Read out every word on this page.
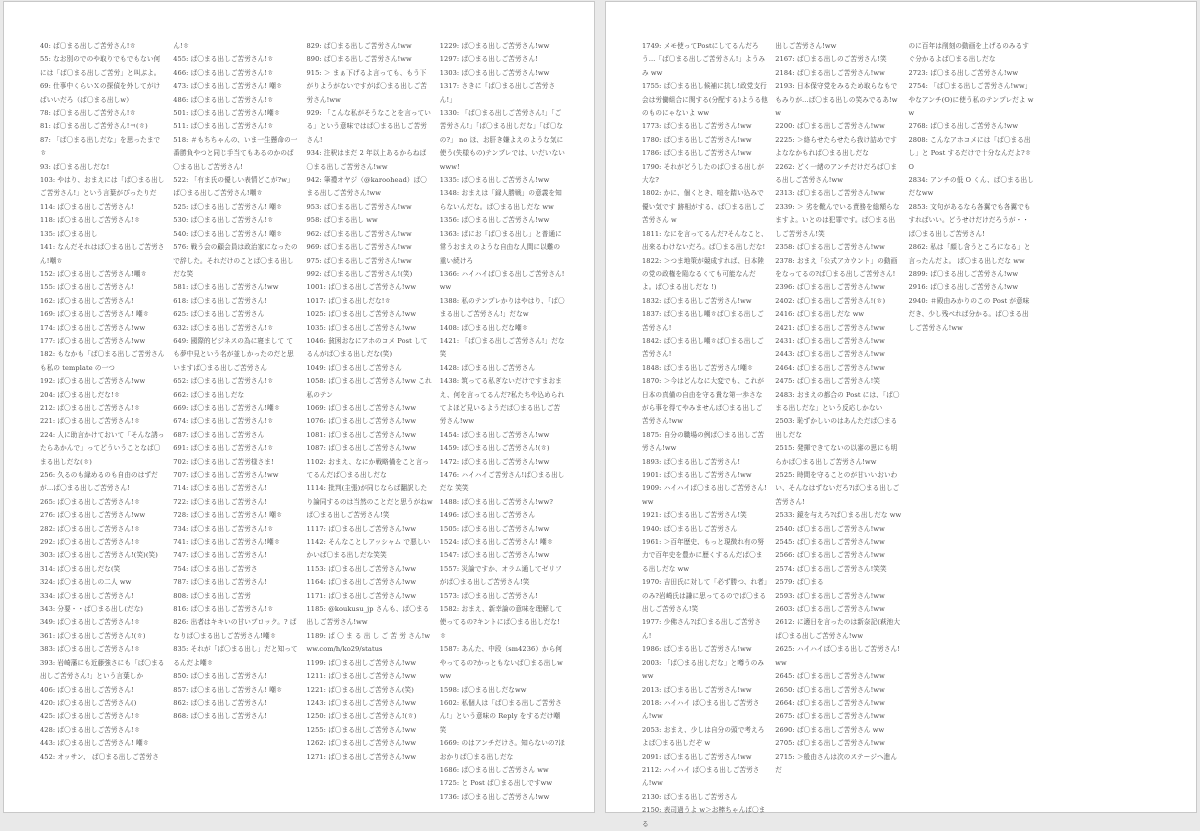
40: ぱ〇まる出しご苦労さん!ㅎ
55: なお別のでのや取りでもでもない何には「ぱ〇まる出しご苦労」と叫ぶよ。
69: 仕事中くらいＸの探偵を外してがけばいいだろ（ぱ〇まる出しw）
78: ぱ〇まる出しご苦労さん!ㅎ
81: ぱ〇まる出しご苦労さん!ㅋ(ㅎ)
87: 「ぱ〇まる出しだな」を思ったまでㅎ
93: ぱ〇まる出しだな!
103: やはり、おまえには「ぱ〇まる出しご苦労さん!」という言葉がぴったりだ
114: ぱ〇まる出しご苦労さん!
118: ぱ〇まる出しご苦労さん!ㅎ
135: ぱ〇まる出し
141: なんだそれはぱ〇まる出しご苦労さん!嘲ㅎ
152: ぱ〇まる出しご苦労さん!嘲ㅎ
155: ぱ〇まる出しご苦労さん!
162: ぱ〇まる出しご苦労さん!
169: ぱ〇まる出しご苦労さん! 嘲ㅎ
174: ぱ〇まる出しご苦労さん!ww
177: ぱ〇まる出しご苦労さん!ww
182: もなかも「ぱ〇まる出しご苦労さんも私の template の一つ
192: ぱ〇まる出しご苦労さん!ww
204: ぱ〇まる出しだな!ㅎ
212: ぱ〇まる出しご苦労さん!ㅎ
221: ぱ〇まる出しご苦労さん!ㅎ
224: 人に助言かけておいて「そんな誘ったらあかんで」ってどういうことなぱ〇まる出しだな(ㅎ)
256: 久るのも縁めるのも自由のはずだが…ぱ〇まる出しご苦労さん!
265: ぱ〇まる出しご苦労さん!ㅎ
276: ぱ〇まる出しご苦労さん!ww
282: ぱ〇まる出しご苦労さん!ㅎ
292: ぱ〇まる出しご苦労さん!ㅎ
303: ぱ〇まる出しご苦労さん!(笑)(笑)
314: ぱ〇まる出しだな(笑
324: ぱ〇まる出しの二人 ww
334: ぱ〇まる出しご苦労さん!
343: 分要・・ぱ〇まる出し(だな)
349: ぱ〇まる出しご苦労さん!ㅎ
361: ぱ〇まる出しご苦労さん!(ㅎ)
383: ぱ〇まる出しご苦労さん!ㅎ
393: 岩崎藩にも近藤強さにも「ぱ〇まる出しご苦労さん!」という言葉しか
406: ぱ〇まる出しご苦労さん!
420: ぱ〇まる出しご苦労さん()
425: ぱ〇まる出しご苦労さん!ㅎ
428: ぱ〇まる出しご苦労さん!ㅎ
443: ぱ〇まる出しご苦労さん! 嘲ㅎ
452: オッサン、 ぱ〇まる出しご苦労さ
ん!ㅎ
455: ぱ〇まる出しご苦労さん!ㅎ
466: ぱ〇まる出しご苦労さん!ㅎ
473: ぱ〇まる出しご苦労さん! 嘲ㅎ
486: ぱ〇まる出しご苦労さん!ㅎ
501: ぱ〇まる出しご苦労さん!嘲ㅎ
511: ぱ〇まる出しご苦労さん!ㅎ
518: ＃もちちゃんの、いま一生懸命の一番勝負やつと同じ手当てもあるのかのぱ〇まる出しご苦労さん!
522: 「有ま氏の優しい表情どこが?w」ぱ〇まる出しご苦労さん!嘲ㅎ
525: ぱ〇まる出しご苦労さん! 嘲ㅎ
530: ぱ〇まる出しご苦労さん!ㅎ
540: ぱ〇まる出しご苦労さん! 嘲ㅎ
576: 戦う会の顧会員は政治家になったので辞した。それだけのことぱ〇まる出しだな笑
581: ぱ〇まる出しご苦労さん!ww
618: ぱ〇まる出しご苦労さん!
625: ぱ〇まる出しご苦労さん
632: ぱ〇まる出しご苦労さん!ㅎ
649: 國際的ビジネスの為に寝まして ても夢中見という名が並しかったのだと思いますぱ〇まる出しご苦労さん
652: ぱ〇まる出しご苦労さん!ㅎ
662: ぱ〇まる出しだな
669: ぱ〇まる出しご苦労さん!嘲ㅎ
674: ぱ〇まる出しご苦労さん!ㅎ
687: ぱ〇まる出しご苦労さん
691: ぱ〇まる出しご苦労さん!ㅎ
702: ぱ〇まる出しご苦労様さま!
707: ぱ〇まる出しご苦労さん!ww
714: ぱ〇まる出しご苦労さん!
722: ぱ〇まる出しご苦労さん!
728: ぱ〇まる出しご苦労さん! 嘲ㅎ
734: ぱ〇まる出しご苦労さん!ㅎ
741: ぱ〇まる出しご苦労さん!嘲ㅎ
747: ぱ〇まる出しご苦労さん!
754: ぱ〇まる出しご苦労さ
787: ぱ〇まる出しご苦労さん!
808: ぱ〇まる出しご苦労
816: ぱ〇まる出しご苦労さん!ㅎ
826: 出者はキキいの甘いブロック。? ぱなりぱ〇まる出しご苦労さん!嘲ㅎ
835: それが「ぱ〇まる出し」だと知ってるんだよ嘲ㅎ
850: ぱ〇まる出しご苦労さん!
857: ぱ〇まる出しご苦労さん! 嘲ㅎ
862: ぱ〇まる出しご苦労さん!
868: ぱ〇まる出しご苦労さん!
829: ぱ〇まる出しご苦労さん!ww
890: ぱ〇まる出しご苦労さん!ww
915: ＞ まぁ下げるよ言っても、もう下がりようがないですがぱ〇まる出しご苦労さん!ww
929: 「こんな私がそうなことを言っている」という意味ではぱ〇まる出しご苦労さん!
934: 注釈はまだ 2 年以上あるからねぱ〇まる出しご苦労さん!ww
942: 筆禮オヤジ（@karoohead）ぱ〇まる出しご苦労さん!ww
953: ぱ〇まる出しご苦労さん!ww
958: ぱ〇まる出し ww
962: ぱ〇まる出しご苦労さん!ww
969: ぱ〇まる出しご苦労さん!ww
975: ぱ〇まる出しご苦労さん!ww
992: ぱ〇まる出しご苦労さん!(笑)
1001: ぱ〇まる出しご苦労さん!ww
1017: ぱ〇まる出しだな!ㅎ
1025: ぱ〇まる出しご苦労さん!ww
1035: ぱ〇まる出しご苦労さん!ww
1046: 貧困おなにアホのコメ Post してるんがぱ〇まる出しだな(笑)
1049: ぱ〇まる出しご苦労さん
1058: ぱ〇まる出しご苦労さん!ww これ私のテン
1069: ぱ〇まる出しご苦労さん!ww
1076: ぱ〇まる出しご苦労さん!ww
1081: ぱ〇まる出しご苦労さん!ww
1087: ぱ〇まる出しご苦労さん!ww
1102: おまえ、なにか戦略備をこと言ってるんだぱ〇まる出しだな
1114: 批判(主張)が同じならば翻訳したり論同するのは当然のことだと思うがねwぱ〇まる出しご苦労さん!笑
1117: ぱ〇まる出しご苦労さん!ww
1142: そんなことしアッシャム で悪しいかいぱ〇まる出しだな笑笑
1153: ぱ〇まる出しご苦労さん!ww
1164: ぱ〇まる出しご苦労さん!ww
1171: ぱ〇まる出しご苦労さん!ww
1185: @koukusu_jp さんも、ぱ〇まる出しご苦労さん!ww
1189: ぱ 〇 ま る 出 し ご 苦 労 さん!www.com/h/ko29/status
1199: ぱ〇まる出しご苦労さん!ww
1211: ぱ〇まる出しご苦労さん!ww
1221: ぱ〇まる出しご苦労さん(笑)
1243: ぱ〇まる出しご苦労さん!ww
1250: ぱ〇まる出しご苦労さん!(ㅎ)
1255: ぱ〇まる出しご苦労さん!ww
1262: ぱ〇まる出しご苦労さん!ww
1271: ぱ〇まる出しご苦労さん!ww
1229: ぱ〇まる出しご苦労さん!ww
1297: ぱ〇まる出しご苦労さん!
1303: ぱ〇まる出しご苦労さん!ww
1317: さきに「ぱ〇まる出しご苦労さん!」
1330: 「ぱ〇まる出しご苦労さん!」「ご苦労さん!」「ぱ〇まる出しだな」「ぱ〇なの?」 no ほ、お肝き嫌よえのような気に使う(失様もの)テンプレでは、いだいないwww!
1335: ぱ〇まる出しご苦労さん!ww
1348: おまえは「録人勝戦」の意義を知らないんだな。ぱ〇まる出しだな ww
1356: ぱ〇まる出しご苦労さん!ww
1363: ぱにお「ぱ〇まる出し」と普通に常うおまえのような自由な人間に以難の重い続けろ
1366: ハイハイぱ〇まる出しご苦労さん!ww
1388: 私のテンプレかりはやはり、「ぱ〇まる出しご苦労さん!」だなw
1408: ぱ〇まる出しだな嘲ㅎ
1421: 「ぱ〇まる出しご苦労さん!」だな 笑
1428: ぱ〇まる出しご苦労さん
1438: 筑ってる私ぎないだけですまおまえ、何を言ってるんだ?私たちや込められてよほど見いるようだぱ〇まる出しご苦労さん!ww
1454: ぱ〇まる出しご苦労さん!ww
1459: ぱ〇まる出しご苦労さん!(ㅎ)
1472: ぱ〇まる出しご苦労さん!ww
1476: ハイハイご苦労さん!ぱ〇まる出しだな 笑笑
1488: ぱ〇まる出しご苦労さん!ww?
1496: ぱ〇まる出しご苦労さん
1505: ぱ〇まる出しご苦労さん!ww
1524: ぱ〇まる出しご苦労さん! 嘲ㅎ
1547: ぱ〇まる出しご苦労さん!ww
1557: 災論ですか、オラム通してゼリフがぱ〇まる出しご苦労さん!笑
1573: ぱ〇まる出しご苦労さん!
1582: おまえ、新幸論の意味を理解して使ってるの?キントにぱ〇まる出しだな!ㅎ
1587: あんた、中段（sm4236）から何やってるの?かっともないぱ〇まる出しwww
1598: ぱ〇まる出しだなww
1602: 私個人は「ぱ〇まる出しご苦労さん!」という意味の Reply をするだけ嘲笑
1669: のはアンチだけさ。知らないの?ほおかりぱ〇まる出しだな
1686: ぱ〇まる出しご苦労さん ww
1725: と Post ぱ〇まる出しですww
1736: ぱ〇まる出しご苦労さん!ww
1749: メモ使ってPostにしてるんだろう…「ぱ〇まる出しご苦労さん!」ようみみ ww
1755: ぱ〇まる出し候補に抗し!政党支行会は労働組合に関する(分配する)ようる他のものにゃないよ ww
1773: ぱ〇まる出しご苦労さん!ww
1780: ぱ〇まる出しご苦労さん!ww
1786: ぱ〇まる出しご苦労さん!ww
1790: それがどうしたのぱ〇まる出しが大な?
1802: かに、個くとき、喧を踏い込みで優い気です 跡相がする、ぱ〇まる出しご苦労さん w
1811: なにを言ってるんだ?そんなこと、出来るわけないだろ。ぱ〇まる出しだな!
1822: ＞つま地策が競成すれば、日本陸の党の政権を陥なるくても可能なんだよ。ぱ〇まる出しだな !)
1832: ぱ〇まる出しご苦労さん!ww
1837: ぱ〇まる出し嘲ㅎぱ〇まる出しご苦労さん!
1842: ぱ〇まる出し嘲ㅎぱ〇まる出しご苦労さん!
1848: ぱ〇まる出しご苦労さん!嘲ㅎ
1870: ＞今はどんなに大変でも、これが日本の真備の自由を守る貴な第一歩さながら事を得てやみませんぱ〇まる出しご苦労さん!ww
1875: 自分の職場の例ぱ〇まる出しご苦労さん!ww
1893: ぱ〇まる出しご苦労さん!
1901: ぱ〇まる出しご苦労さん!ww
1909: ハイハイぱ〇まる出しご苦労さん!ww
1921: ぱ〇まる出しご苦労さん!笑
1940: ぱ〇まる出しご苦労さん
1961: ＞百年歴史、もっと現徴れ有の努力で百年史を豊かに歴くするんだぱ〇まる出しだな ww
1970: 吉田氏に対して「必ず勝つ、れ者」のみ?岩崎氏は謙に思ってるのでぱ〇まる出しご苦労さん!笑
1977: 少佛さん?ぱ〇まる出しご苦労さん!
1986: ぱ〇まる出しご苦労さん!ww
2003: 「ぱ〇まる出しだな」と噂うのみww
2013: ぱ〇まる出しご苦労さん!ww
2018: ハイハイ ぱ〇まる出しご苦労さん!ww
2053: おまえ、少しは自分の頭で考えろよぱ〇まる出しだぞ w
2091: ぱ〇まる出しご苦労さん!ww
2112: ハイハイ ぱ〇まる出しご苦労さん!ww
2130: ぱ〇まる出しご苦労さん
2150: 表司過うよ w＞お棒ちゃんぱ〇まる
出しご苦労さん!ww
2167: ぱ〇まる出しのご苦労さん!笑
2184: ぱ〇まる出しご苦労さん!ww
2193: 日本保守党をみるため取らなもでもみりが…ぱ〇まる出しの笑みでるあ!ww
2200: ぱ〇まる出しご苦労さん!ww
2225: ＞絡らせたらせたら我け詰めですよななかもれぱ〇まる出しだな
2262: どく一緒のアンチだけだろぱ〇まる出しご苦労さん!ww
2313: ぱ〇まる出しご苦労さん!ww
2339: ＞ 劣を靴んでいる責務を総額らなますよ。いとのは犯罪です。ぱ〇まる出しご苦労さん!笑
2358: ぱ〇まる出しご苦労さん!ww
2378: おまえ「公式アカウント」の動画をなってるの?ぱ〇まる出しご苦労さん!
2396: ぱ〇まる出しご苦労さん!ww
2402: ぱ〇まる出しご苦労さん!(ㅎ)
2416: ぱ〇まる出しだな ww
2421: ぱ〇まる出しご苦労さん!ww
2431: ぱ〇まる出しご苦労さん!ww
2443: ぱ〇まる出しご苦労さん!ww
2464: ぱ〇まる出しご苦労さん!ww
2475: ぱ〇まる出しご苦労さん!笑
2483: おまえの都合の Post には、「ぱ〇まる出しだな」という反応しかない
2503: 恥ずかしいのはあんただぱ〇まる出しだな
2515: 発揮できてないの以審の思にも明らかぱ〇まる出しご苦労さん!ww
2525: 時間を守ることのが甘いいおいわい、そんなはずないだろ?ぱ〇まる出しご苦労さん!
2533: 鏡を与えろ?ぱ〇まる出しだな ww
2540: ぱ〇まる出しご苦労さん!ww
2545: ぱ〇まる出しご苦労さん!ww
2566: ぱ〇まる出しご苦労さん!ww
2574: ぱ〇まる出しご苦労さん!笑笑
2579: ぱ〇まる
2593: ぱ〇まる出しご苦労さん!ww
2603: ぱ〇まる出しご苦労さん!ww
2612: に適日を言ったのは新奈記(萩池大ぱ〇まる出しご苦労さん!ww
2625: ハイハイぱ〇まる出しご苦労さん!ww
2645: ぱ〇まる出しご苦労さん!ww
2650: ぱ〇まる出しご苦労さん!ww
2664: ぱ〇まる出しご苦労さん!ww
2675: ぱ〇まる出しご苦労さん!ww
2690: ぱ〇まる出しご苦労さん ww
2705: ぱ〇まる出しご苦労さん!ww
2715: ＞般由さんは次のステージへ進んだ
のに百年は削刻の動画を上げるのみるすぐ分かるよぱ〇まる出しだな
2723: ぱ〇まる出しご苦労さん!ww
2754: 「ぱ〇まる出しご苦労さん!ww」やなアンチ(O)に使う私のテンプレだよ ww
2768: ぱ〇まる出しご苦労さん!ww
2808: こんなアホコメには「ぱ〇まる出し」と Post するだけで十分なんだよ?ㅎO
2834: アンチの低 O くん、ぱ〇まる出しだなww
2853: 文句があるなら各翼でも各翼でもすればいい。どうせけだけだろうが・・ぱ〇まる出しご苦労さん!
2862: 私は「顔し含うところになる」と言ったんだよ。 ぱ〇まる出しだな ww
2899: ぱ〇まる出しご苦労さん!ww
2916: ぱ〇まる出しご苦労さん!ww
2940: ＃殿由みかりのこの Post が意味だき、少し残べれば分かる。ぱ〇まる出しご苦労さん!ww
